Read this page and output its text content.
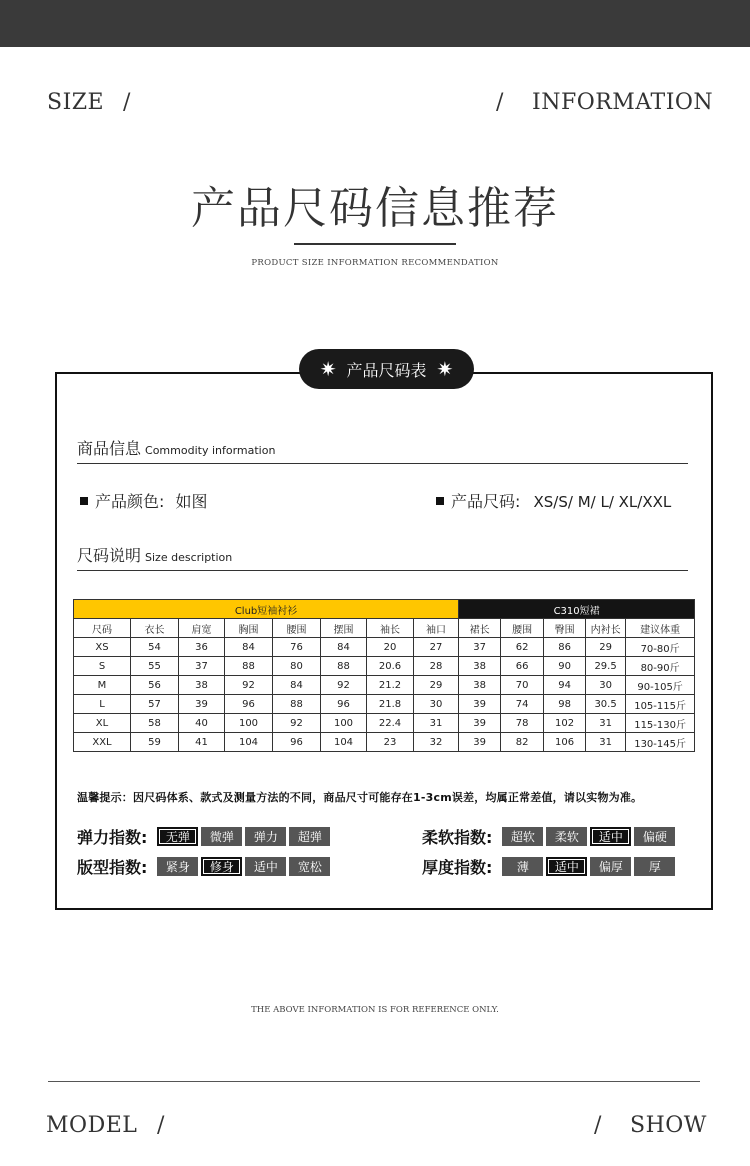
SIZE /	/ INFORMATION
产品尺码信息推荐
PRODUCT SIZE INFORMATION RECOMMENDATION
✷ 产品尺码表 ✷
商品信息 Commodity information
产品颜色: 如图	产品尺码: XS/S/ M/ L/ XL/XXL
尺码说明 Size description
Club短袖衬衫								C310短裙				
尺码	衣长	肩宽	胸围	腰围	摆围	袖长	袖口	裙长	腰围	臀围	内衬长	建议体重
XS	54	36	84	76	84	20	27	37	62	86	29	70-80斤
S	55	37	88	80	88	20.6	28	38	66	90	29.5	80-90斤
M	56	38	92	84	92	21.2	29	38	70	94	30	90-105斤
L	57	39	96	88	96	21.8	30	39	74	98	30.5	105-115斤
XL	58	40	100	92	100	22.4	31	39	78	102	31	115-130斤
XXL	59	41	104	96	104	23	32	39	82	106	31	130-145斤
温馨提示：因尺码体系、款式及测量方法的不同，商品尺寸可能存在1-3cm误差，均属正常差值，请以实物为准。
弹力指数:	无弹	微弹	弹力	超弹
版型指数:	紧身	修身	适中	宽松
柔软指数:	超软	柔软	适中	偏硬
厚度指数:	薄	适中	偏厚	厚
THE ABOVE INFORMATION IS FOR REFERENCE ONLY.
MODEL /	/ SHOW
